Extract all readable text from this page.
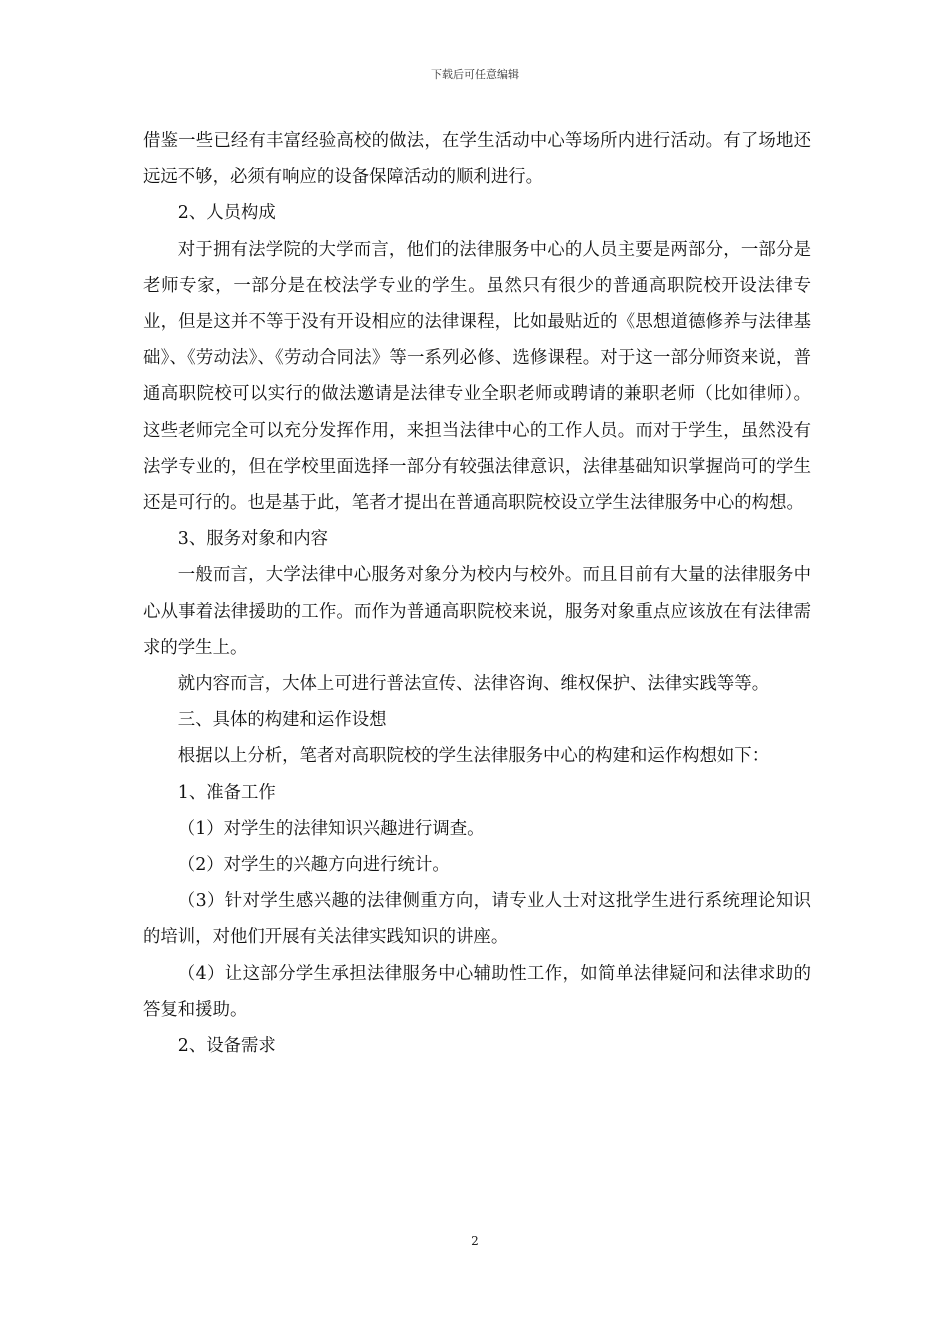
下载后可任意编辑

借鉴一些已经有丰富经验高校的做法，在学生活动中心等场所内进行活动。有了场地还远远不够，必须有响应的设备保障活动的顺利进行。

2、人员构成

对于拥有法学院的大学而言，他们的法律服务中心的人员主要是两部分，一部分是老师专家，一部分是在校法学专业的学生。虽然只有很少的普通高职院校开设法律专业，但是这并不等于没有开设相应的法律课程，比如最贴近的《思想道德修养与法律基础》、《劳动法》、《劳动合同法》等一系列必修、选修课程。对于这一部分师资来说，普通高职院校可以实行的做法邀请是法律专业全职老师或聘请的兼职老师（比如律师）。这些老师完全可以充分发挥作用，来担当法律中心的工作人员。而对于学生，虽然没有法学专业的，但在学校里面选择一部分有较强法律意识，法律基础知识掌握尚可的学生还是可行的。也是基于此，笔者才提出在普通高职院校设立学生法律服务中心的构想。

3、服务对象和内容

一般而言，大学法律中心服务对象分为校内与校外。而且目前有大量的法律服务中心从事着法律援助的工作。而作为普通高职院校来说，服务对象重点应该放在有法律需求的学生上。

就内容而言，大体上可进行普法宣传、法律咨询、维权保护、法律实践等等。

三、具体的构建和运作设想

根据以上分析，笔者对高职院校的学生法律服务中心的构建和运作构想如下：

1、准备工作

（1）对学生的法律知识兴趣进行调查。

（2）对学生的兴趣方向进行统计。

（3）针对学生感兴趣的法律侧重方向，请专业人士对这批学生进行系统理论知识的培训，对他们开展有关法律实践知识的讲座。

（4）让这部分学生承担法律服务中心辅助性工作，如简单法律疑问和法律求助的答复和援助。

2、设备需求

2
